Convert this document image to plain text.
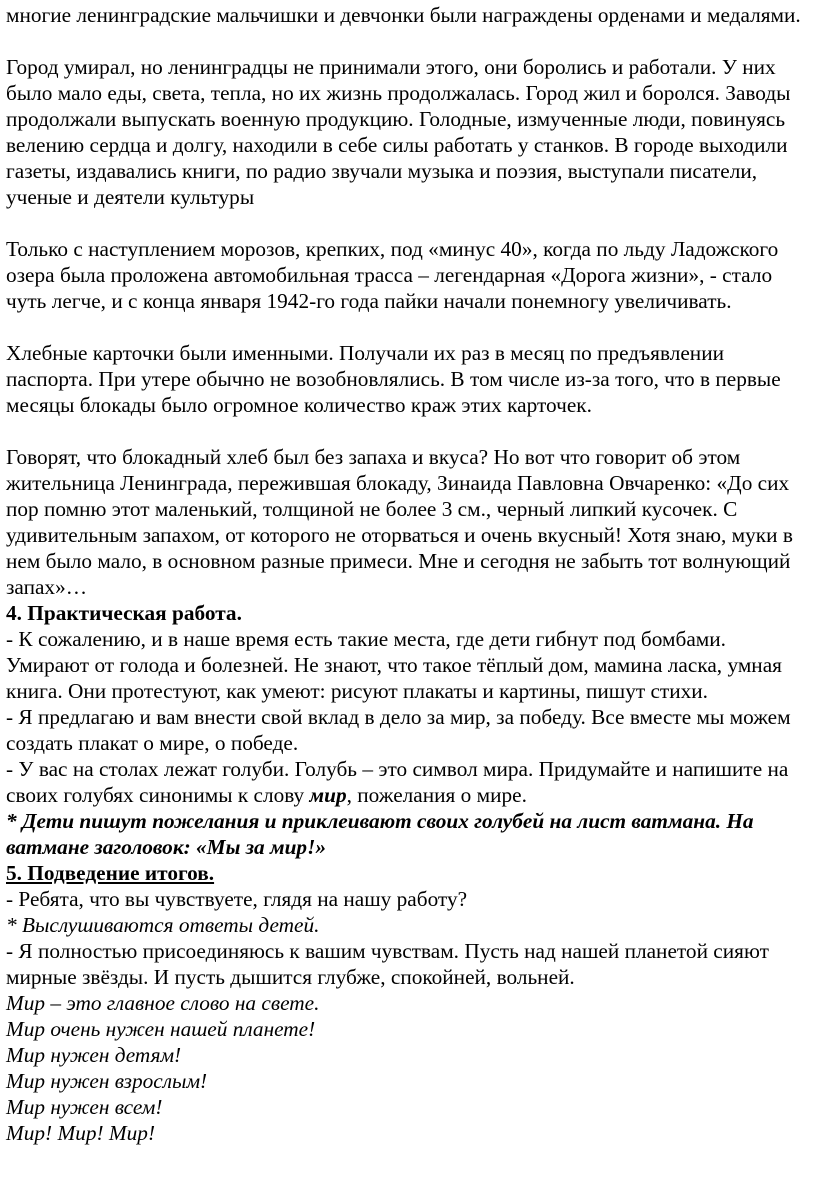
многие ленинградские мальчишки и девчонки были награждены орденами и медалями.

Город умирал, но ленинградцы не принимали этого, они боролись и работали. У них было мало еды, света, тепла, но их жизнь продолжалась. Город жил и боролся. Заводы продолжали выпускать военную продукцию. Голодные, измученные люди, повинуясь велению сердца и долгу, находили в себе силы работать у станков. В городе выходили газеты, издавались книги, по радио звучали музыка и поэзия, выступали писатели, ученые и деятели культуры

Только с наступлением морозов, крепких, под «минус 40», когда по льду Ладожского озера была проложена автомобильная трасса – легендарная «Дорога жизни», - стало чуть легче, и с конца января 1942-го года пайки начали понемногу увеличивать.

Хлебные карточки были именными. Получали их раз в месяц по предъявлении паспорта. При утере обычно не возобновлялись. В том числе из-за того, что в первые месяцы блокады было огромное количество краж этих карточек.

Говорят, что блокадный хлеб был без запаха и вкуса? Но вот что говорит об этом жительница Ленинграда, пережившая блокаду, Зинаида Павловна Овчаренко: «До сих пор помню этот маленький, толщиной не более 3 см., черный липкий кусочек. С удивительным запахом, от которого не оторваться и очень вкусный! Хотя знаю, муки в нем было мало, в основном разные примеси. Мне и сегодня не забыть тот волнующий запах»…

4. Практическая работа.

- К сожалению, и в наше время есть такие места, где дети гибнут под бомбами. Умирают от голода и болезней. Не знают, что такое тёплый дом, мамина ласка, умная книга. Они протестуют, как умеют: рисуют плакаты и картины, пишут стихи.

- Я предлагаю и вам внести свой вклад в дело за мир, за победу. Все вместе мы можем создать плакат о мире, о победе.

- У вас на столах лежат голуби. Голубь – это символ мира. Придумайте и напишите на своих голубях синонимы к слову мир, пожелания о мире.

* Дети пишут пожелания и приклеивают своих голубей на лист ватмана. На ватмане заголовок: «Мы за мир!»

5. Подведение итогов.

- Ребята, что вы чувствуете, глядя на нашу работу?

* Выслушиваются ответы детей.

- Я полностью присоединяюсь к вашим чувствам. Пусть над нашей планетой сияют мирные звёзды. И пусть дышится глубже, спокойней, вольней.

Мир – это главное слово на свете.

Мир очень нужен нашей планете!

Мир нужен детям!

Мир нужен взрослым!

Мир нужен всем!

Мир! Мир! Мир!
